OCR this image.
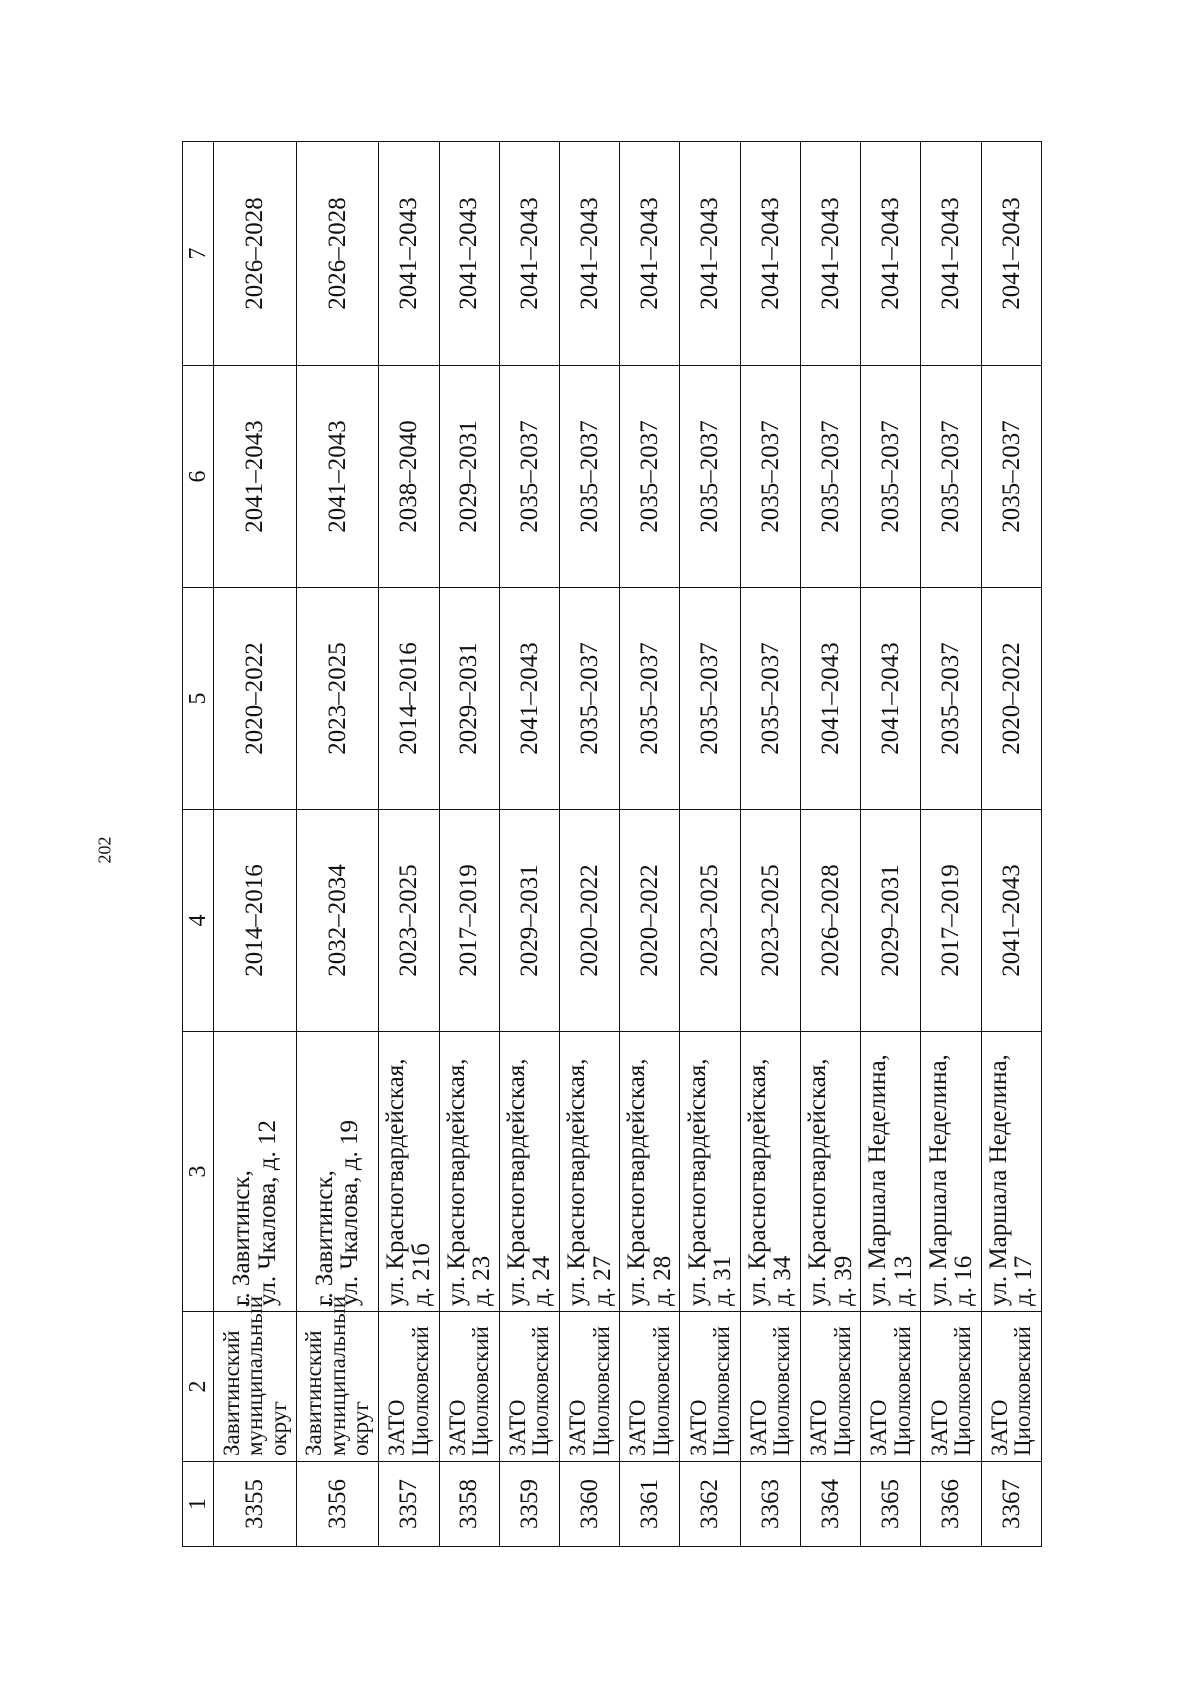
202
1	2	3	4	5	6	7

3355	Завитинский
муниципальный
округ	г. Завитинск,
ул. Чкалова, д. 12	2014–2016	2020–2022	2041–2043	2026–2028

3356	Завитинский
муниципальный
округ	г. Завитинск,
ул. Чкалова, д. 19	2032–2034	2023–2025	2041–2043	2026–2028

3357	ЗАТО
Циолковский	ул. Красногвардейская,
д. 21б	2023–2025	2014–2016	2038–2040	2041–2043

3358	ЗАТО
Циолковский	ул. Красногвардейская,
д. 23	2017–2019	2029–2031	2029–2031	2041–2043

3359	ЗАТО
Циолковский	ул. Красногвардейская,
д. 24	2029–2031	2041–2043	2035–2037	2041–2043

3360	ЗАТО
Циолковский	ул. Красногвардейская,
д. 27	2020–2022	2035–2037	2035–2037	2041–2043

3361	ЗАТО
Циолковский	ул. Красногвардейская,
д. 28	2020–2022	2035–2037	2035–2037	2041–2043

3362	ЗАТО
Циолковский	ул. Красногвардейская,
д. 31	2023–2025	2035–2037	2035–2037	2041–2043

3363	ЗАТО
Циолковский	ул. Красногвардейская,
д. 34	2023–2025	2035–2037	2035–2037	2041–2043

3364	ЗАТО
Циолковский	ул. Красногвардейская,
д. 39	2026–2028	2041–2043	2035–2037	2041–2043

3365	ЗАТО
Циолковский	ул. Маршала Неделина,
д. 13	2029–2031	2041–2043	2035–2037	2041–2043

3366	ЗАТО
Циолковский	ул. Маршала Неделина,
д. 16	2017–2019	2035–2037	2035–2037	2041–2043

3367	ЗАТО
Циолковский	ул. Маршала Неделина,
д. 17	2041–2043	2020–2022	2035–2037	2041–2043
